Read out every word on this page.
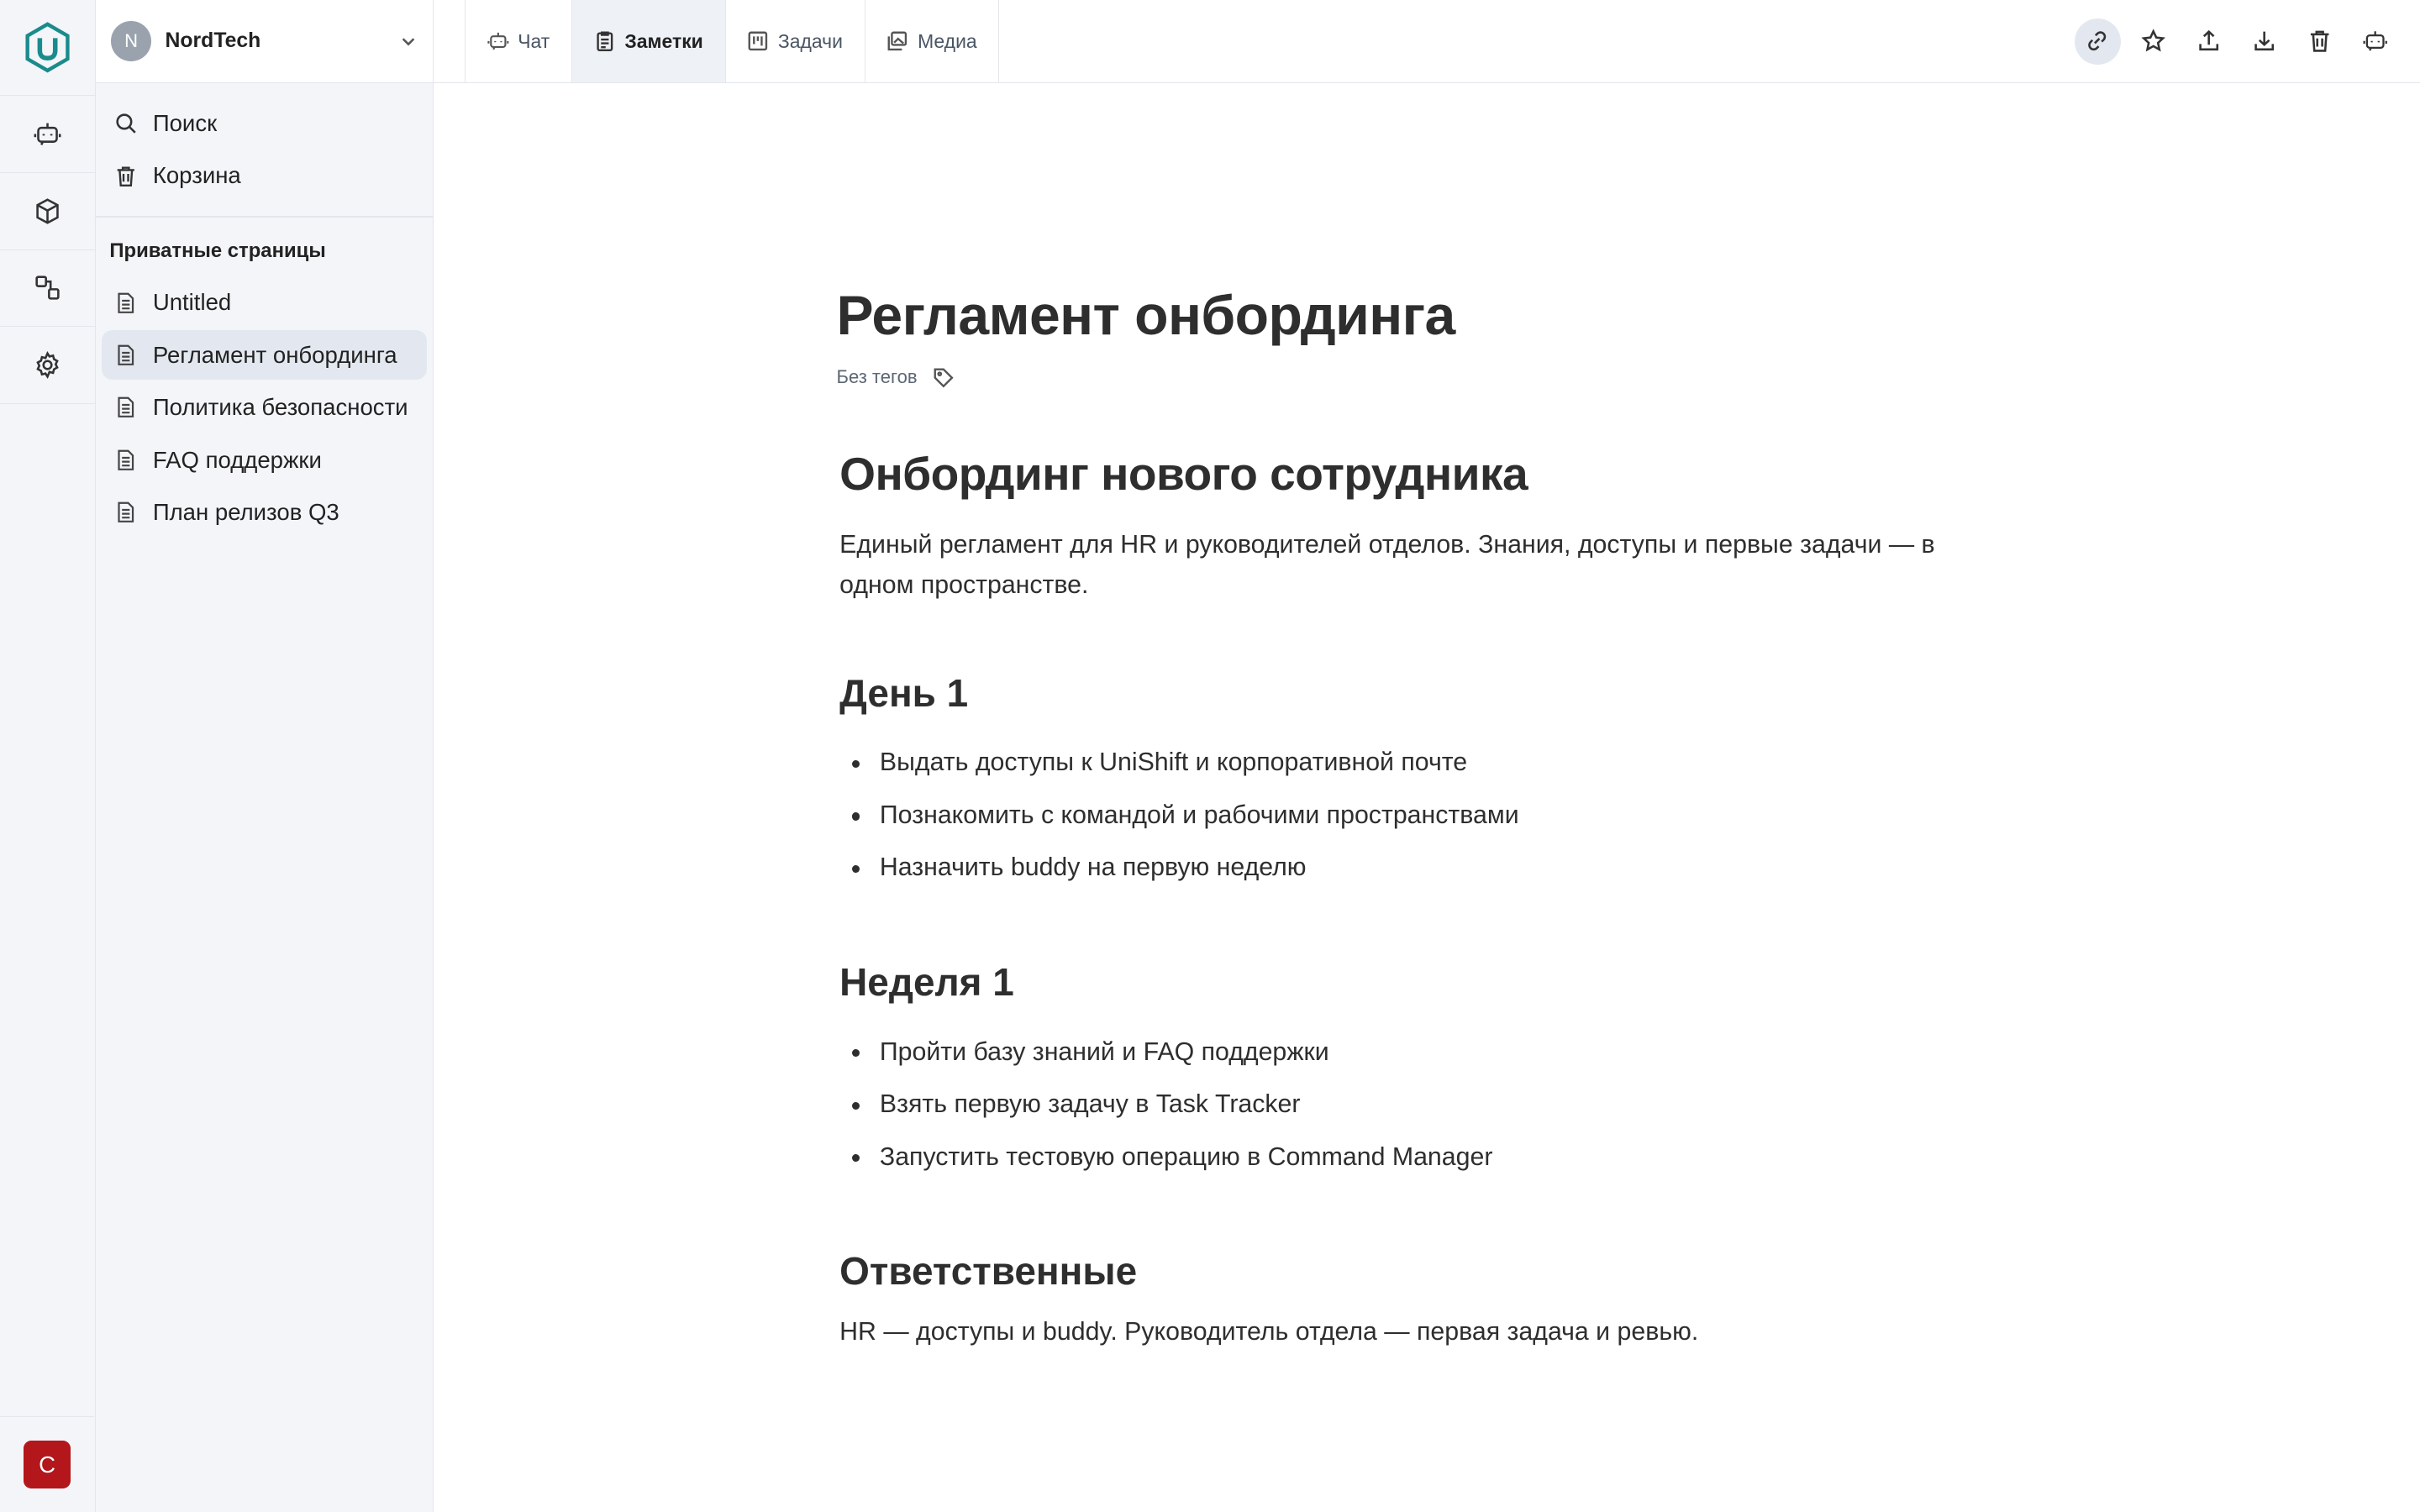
C
N	NordTech
Поиск
Корзина
Приватные страницы
Untitled
Регламент онбординга
Политика безопасности
FAQ поддержки
План релизов Q3
Чат	Заметки	Задачи	Медиа
Регламент онбординга
Без тегов
Онбординг нового сотрудника

Единый регламент для HR и руководителей отделов. Знания, доступы и первые задачи — в одном пространстве.

День 1
Выдать доступы к UniShift и корпоративной почте
Познакомить с командой и рабочими пространствами
Назначить buddy на первую неделю
Неделя 1
Пройти базу знаний и FAQ поддержки
Взять первую задачу в Task Tracker
Запустить тестовую операцию в Command Manager
Ответственные

HR — доступы и buddy. Руководитель отдела — первая задача и ревью.
